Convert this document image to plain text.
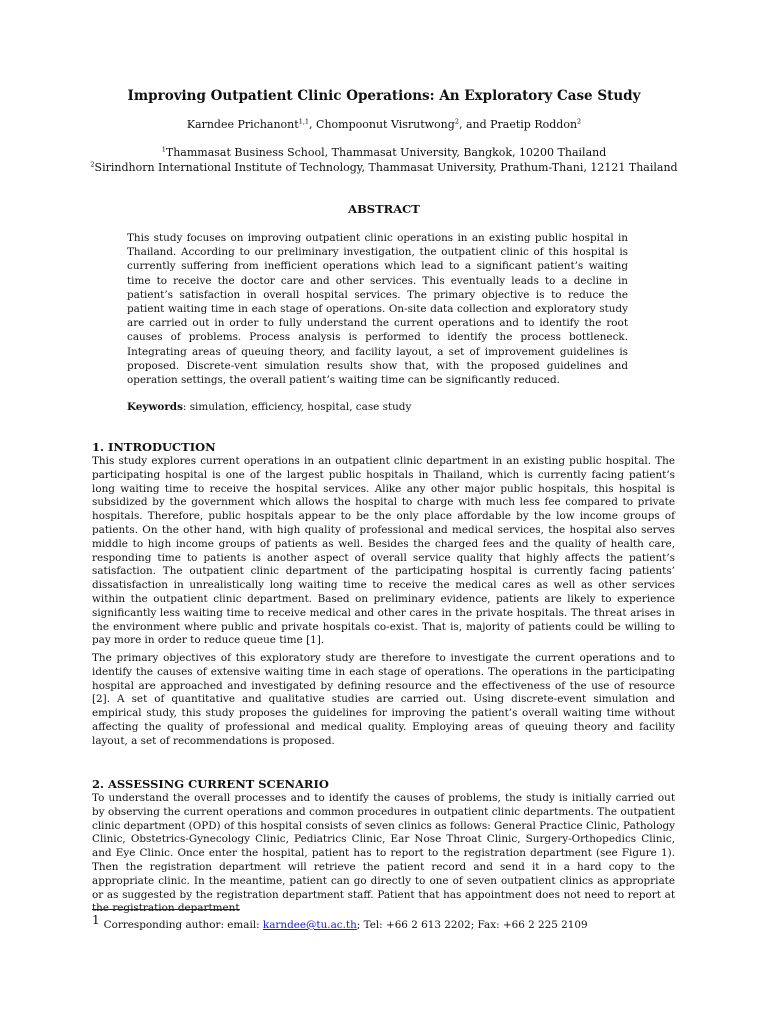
Improving Outpatient Clinic Operations: An Exploratory Case Study
Karndee Prichanont$^{1,1}$, Chompoonut Visrutwong$^2$, and Praetip Roddon$^2$
$^1$Thammasat Business School, Thammasat University, Bangkok, 10200 Thailand
$^2$Sirindhorn International Institute of Technology, Thammasat University, Prathum-Thani, 12121 Thailand
ABSTRACT
This study focuses on improving outpatient clinic operations in an existing public hospital in Thailand. According to our preliminary investigation, the outpatient clinic of this hospital is currently suffering from inefficient operations which lead to a significant patient’s waiting time to receive the doctor care and other services. This eventually leads to a decline in patient’s satisfaction in overall hospital services. The primary objective is to reduce the patient waiting time in each stage of operations. On-site data collection and exploratory study are carried out in order to fully understand the current operations and to identify the root causes of problems. Process analysis is performed to identify the process bottleneck. Integrating areas of queuing theory, and facility layout, a set of improvement guidelines is proposed. Discrete-vent simulation results show that, with the proposed guidelines and operation settings, the overall patient’s waiting time can be significantly reduced.
Keywords: simulation, efficiency, hospital, case study
1. INTRODUCTION
This study explores current operations in an outpatient clinic department in an existing public hospital. The participating hospital is one of the largest public hospitals in Thailand, which is currently facing patient’s long waiting time to receive the hospital services. Alike any other major public hospitals, this hospital is subsidized by the government which allows the hospital to charge with much less fee compared to private hospitals. Therefore, public hospitals appear to be the only place affordable by the low income groups of patients. On the other hand, with high quality of professional and medical services, the hospital also serves middle to high income groups of patients as well. Besides the charged fees and the quality of health care, responding time to patients is another aspect of overall service quality that highly affects the patient’s satisfaction. The outpatient clinic department of the participating hospital is currently facing patients’ dissatisfaction in unrealistically long waiting time to receive the medical cares as well as other services within the outpatient clinic department. Based on preliminary evidence, patients are likely to experience significantly less waiting time to receive medical and other cares in the private hospitals. The threat arises in the environment where public and private hospitals co-exist. That is, majority of patients could be willing to pay more in order to reduce queue time [1].
The primary objectives of this exploratory study are therefore to investigate the current operations and to identify the causes of extensive waiting time in each stage of operations. The operations in the participating hospital are approached and investigated by defining resource and the effectiveness of the use of resource [2]. A set of quantitative and qualitative studies are carried out. Using discrete-event simulation and empirical study, this study proposes the guidelines for improving the patient’s overall waiting time without affecting the quality of professional and medical quality. Employing areas of queuing theory and facility layout, a set of recommendations is proposed.
2. ASSESSING CURRENT SCENARIO
To understand the overall processes and to identify the causes of problems, the study is initially carried out by observing the current operations and common procedures in outpatient clinic departments. The outpatient clinic department (OPD) of this hospital consists of seven clinics as follows: General Practice Clinic, Pathology Clinic, Obstetrics-Gynecology Clinic, Pediatrics Clinic, Ear Nose Throat Clinic, Surgery-Orthopedics Clinic, and Eye Clinic. Once enter the hospital, patient has to report to the registration department (see Figure 1). Then the registration department will retrieve the patient record and send it in a hard copy to the appropriate clinic. In the meantime, patient can go directly to one of seven outpatient clinics as appropriate or as suggested by the registration department staff. Patient that has appointment does not need to report at
1 Corresponding author: email: karndee@tu.ac.th; Tel: +66 2 613 2202; Fax: +66 2 225 2109
